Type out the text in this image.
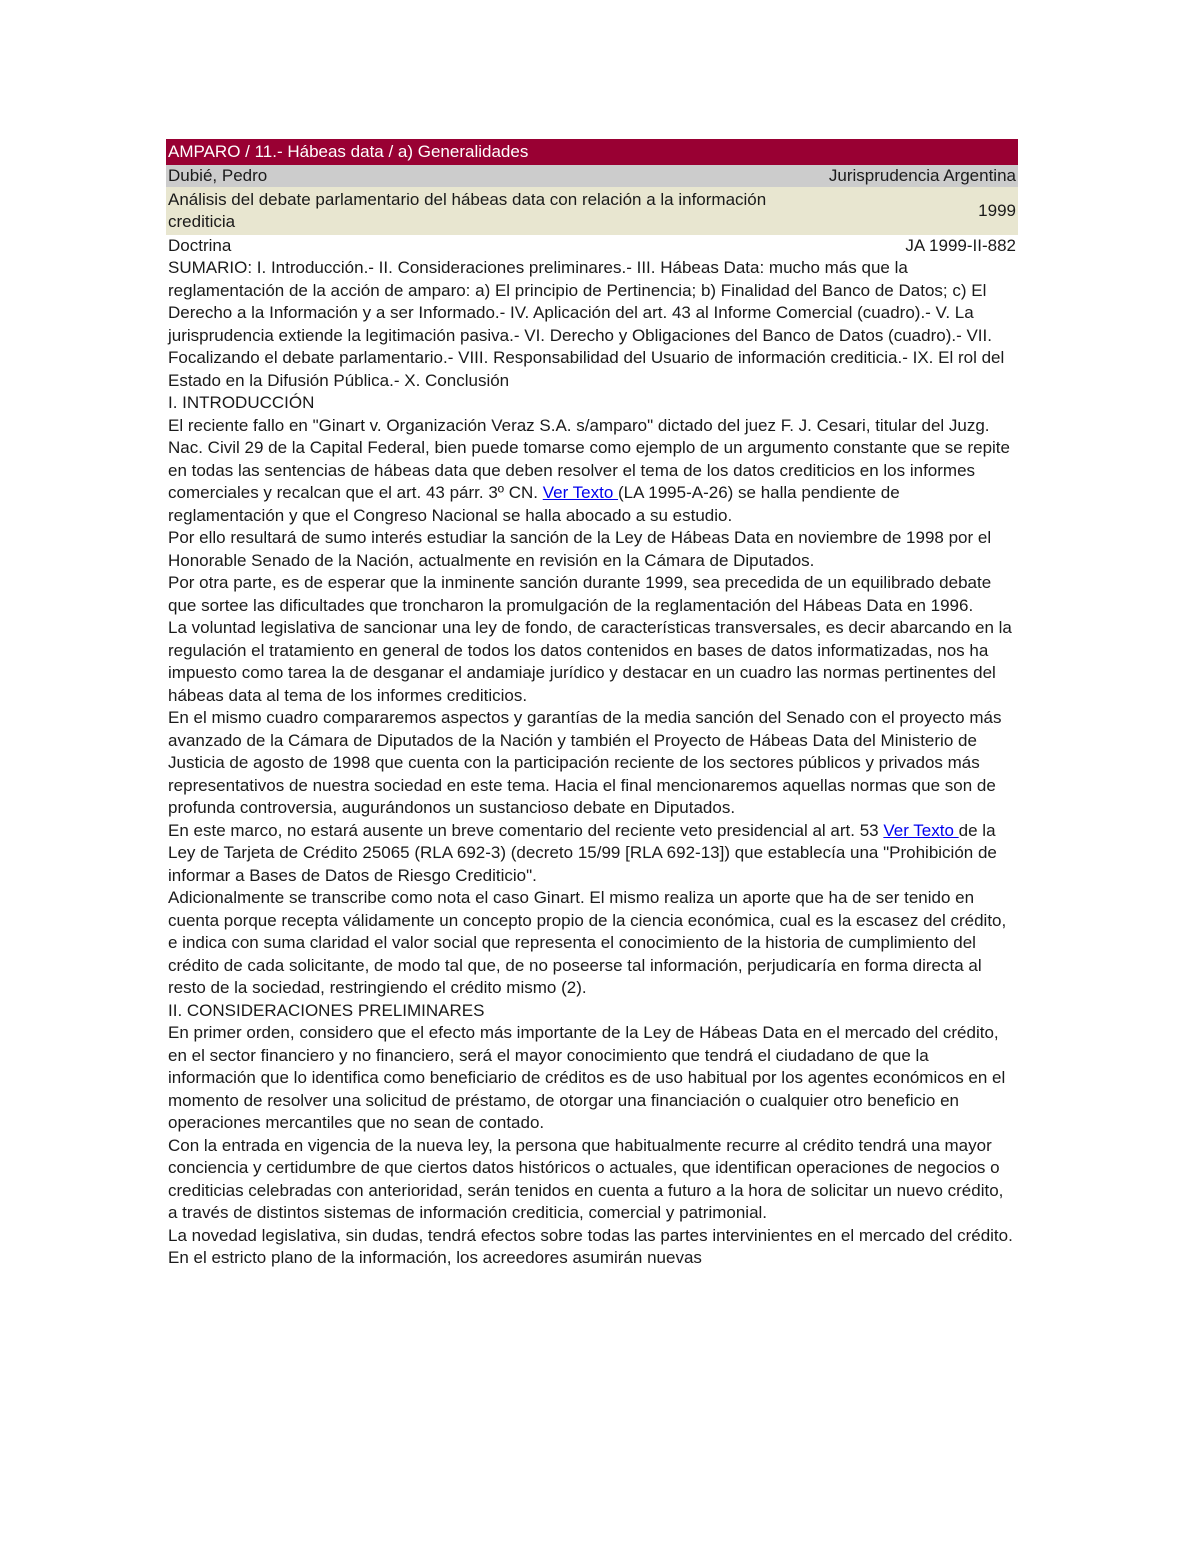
AMPARO / 11.- Hábeas data / a) Generalidades
Dubié, Pedro	Jurisprudencia Argentina
Análisis del debate parlamentario del hábeas data con relación a la información crediticia
1999
Doctrina	JA 1999-II-882

SUMARIO: I. Introducción.- II. Consideraciones preliminares.- III. Hábeas Data: mucho más que la reglamentación de la acción de amparo: a) El principio de Pertinencia; b) Finalidad del Banco de Datos; c) El Derecho a la Información y a ser Informado.- IV. Aplicación del art. 43 al Informe Comercial (cuadro).- V. La jurisprudencia extiende la legitimación pasiva.- VI. Derecho y Obligaciones del Banco de Datos (cuadro).- VII. Focalizando el debate parlamentario.- VIII. Responsabilidad del Usuario de información crediticia.- IX. El rol del Estado en la Difusión Pública.- X. Conclusión

I. INTRODUCCIÓN

El reciente fallo en "Ginart v. Organización Veraz S.A. s/amparo" dictado del juez F. J. Cesari, titular del Juzg. Nac. Civil 29 de la Capital Federal, bien puede tomarse como ejemplo de un argumento constante que se repite en todas las sentencias de hábeas data que deben resolver el tema de los datos crediticios en los informes comerciales y recalcan que el art. 43 párr. 3º CN. Ver Texto (LA 1995-A-26) se halla pendiente de reglamentación y que el Congreso Nacional se halla abocado a su estudio.

Por ello resultará de sumo interés estudiar la sanción de la Ley de Hábeas Data en noviembre de 1998 por el Honorable Senado de la Nación, actualmente en revisión en la Cámara de Diputados.

Por otra parte, es de esperar que la inminente sanción durante 1999, sea precedida de un equilibrado debate que sortee las dificultades que troncharon la promulgación de la reglamentación del Hábeas Data en 1996.

La voluntad legislativa de sancionar una ley de fondo, de características transversales, es decir abarcando en la regulación el tratamiento en general de todos los datos contenidos en bases de datos informatizadas, nos ha impuesto como tarea la de desganar el andamiaje jurídico y destacar en un cuadro las normas pertinentes del hábeas data al tema de los informes crediticios.

En el mismo cuadro compararemos aspectos y garantías de la media sanción del Senado con el proyecto más avanzado de la Cámara de Diputados de la Nación y también el Proyecto de Hábeas Data del Ministerio de Justicia de agosto de 1998 que cuenta con la participación reciente de los sectores públicos y privados más representativos de nuestra sociedad en este tema. Hacia el final mencionaremos aquellas normas que son de profunda controversia, augurándonos un sustancioso debate en Diputados.

En este marco, no estará ausente un breve comentario del reciente veto presidencial al art. 53 Ver Texto de la Ley de Tarjeta de Crédito 25065 (RLA 692-3) (decreto 15/99 [RLA 692-13]) que establecía una "Prohibición de informar a Bases de Datos de Riesgo Crediticio".

Adicionalmente se transcribe como nota el caso Ginart. El mismo realiza un aporte que ha de ser tenido en cuenta porque recepta válidamente un concepto propio de la ciencia económica, cual es la escasez del crédito, e indica con suma claridad el valor social que representa el conocimiento de la historia de cumplimiento del crédito de cada solicitante, de modo tal que, de no poseerse tal información, perjudicaría en forma directa al resto de la sociedad, restringiendo el crédito mismo (2).

II. CONSIDERACIONES PRELIMINARES

En primer orden, considero que el efecto más importante de la Ley de Hábeas Data en el mercado del crédito, en el sector financiero y no financiero, será el mayor conocimiento que tendrá el ciudadano de que la información que lo identifica como beneficiario de créditos es de uso habitual por los agentes económicos en el momento de resolver una solicitud de préstamo, de otorgar una financiación o cualquier otro beneficio en operaciones mercantiles que no sean de contado.

Con la entrada en vigencia de la nueva ley, la persona que habitualmente recurre al crédito tendrá una mayor conciencia y certidumbre de que ciertos datos históricos o actuales, que identifican operaciones de negocios o crediticias celebradas con anterioridad, serán tenidos en cuenta a futuro a la hora de solicitar un nuevo crédito, a través de distintos sistemas de información crediticia, comercial y patrimonial.

La novedad legislativa, sin dudas, tendrá efectos sobre todas las partes intervinientes en el mercado del crédito. En el estricto plano de la información, los acreedores asumirán nuevas
